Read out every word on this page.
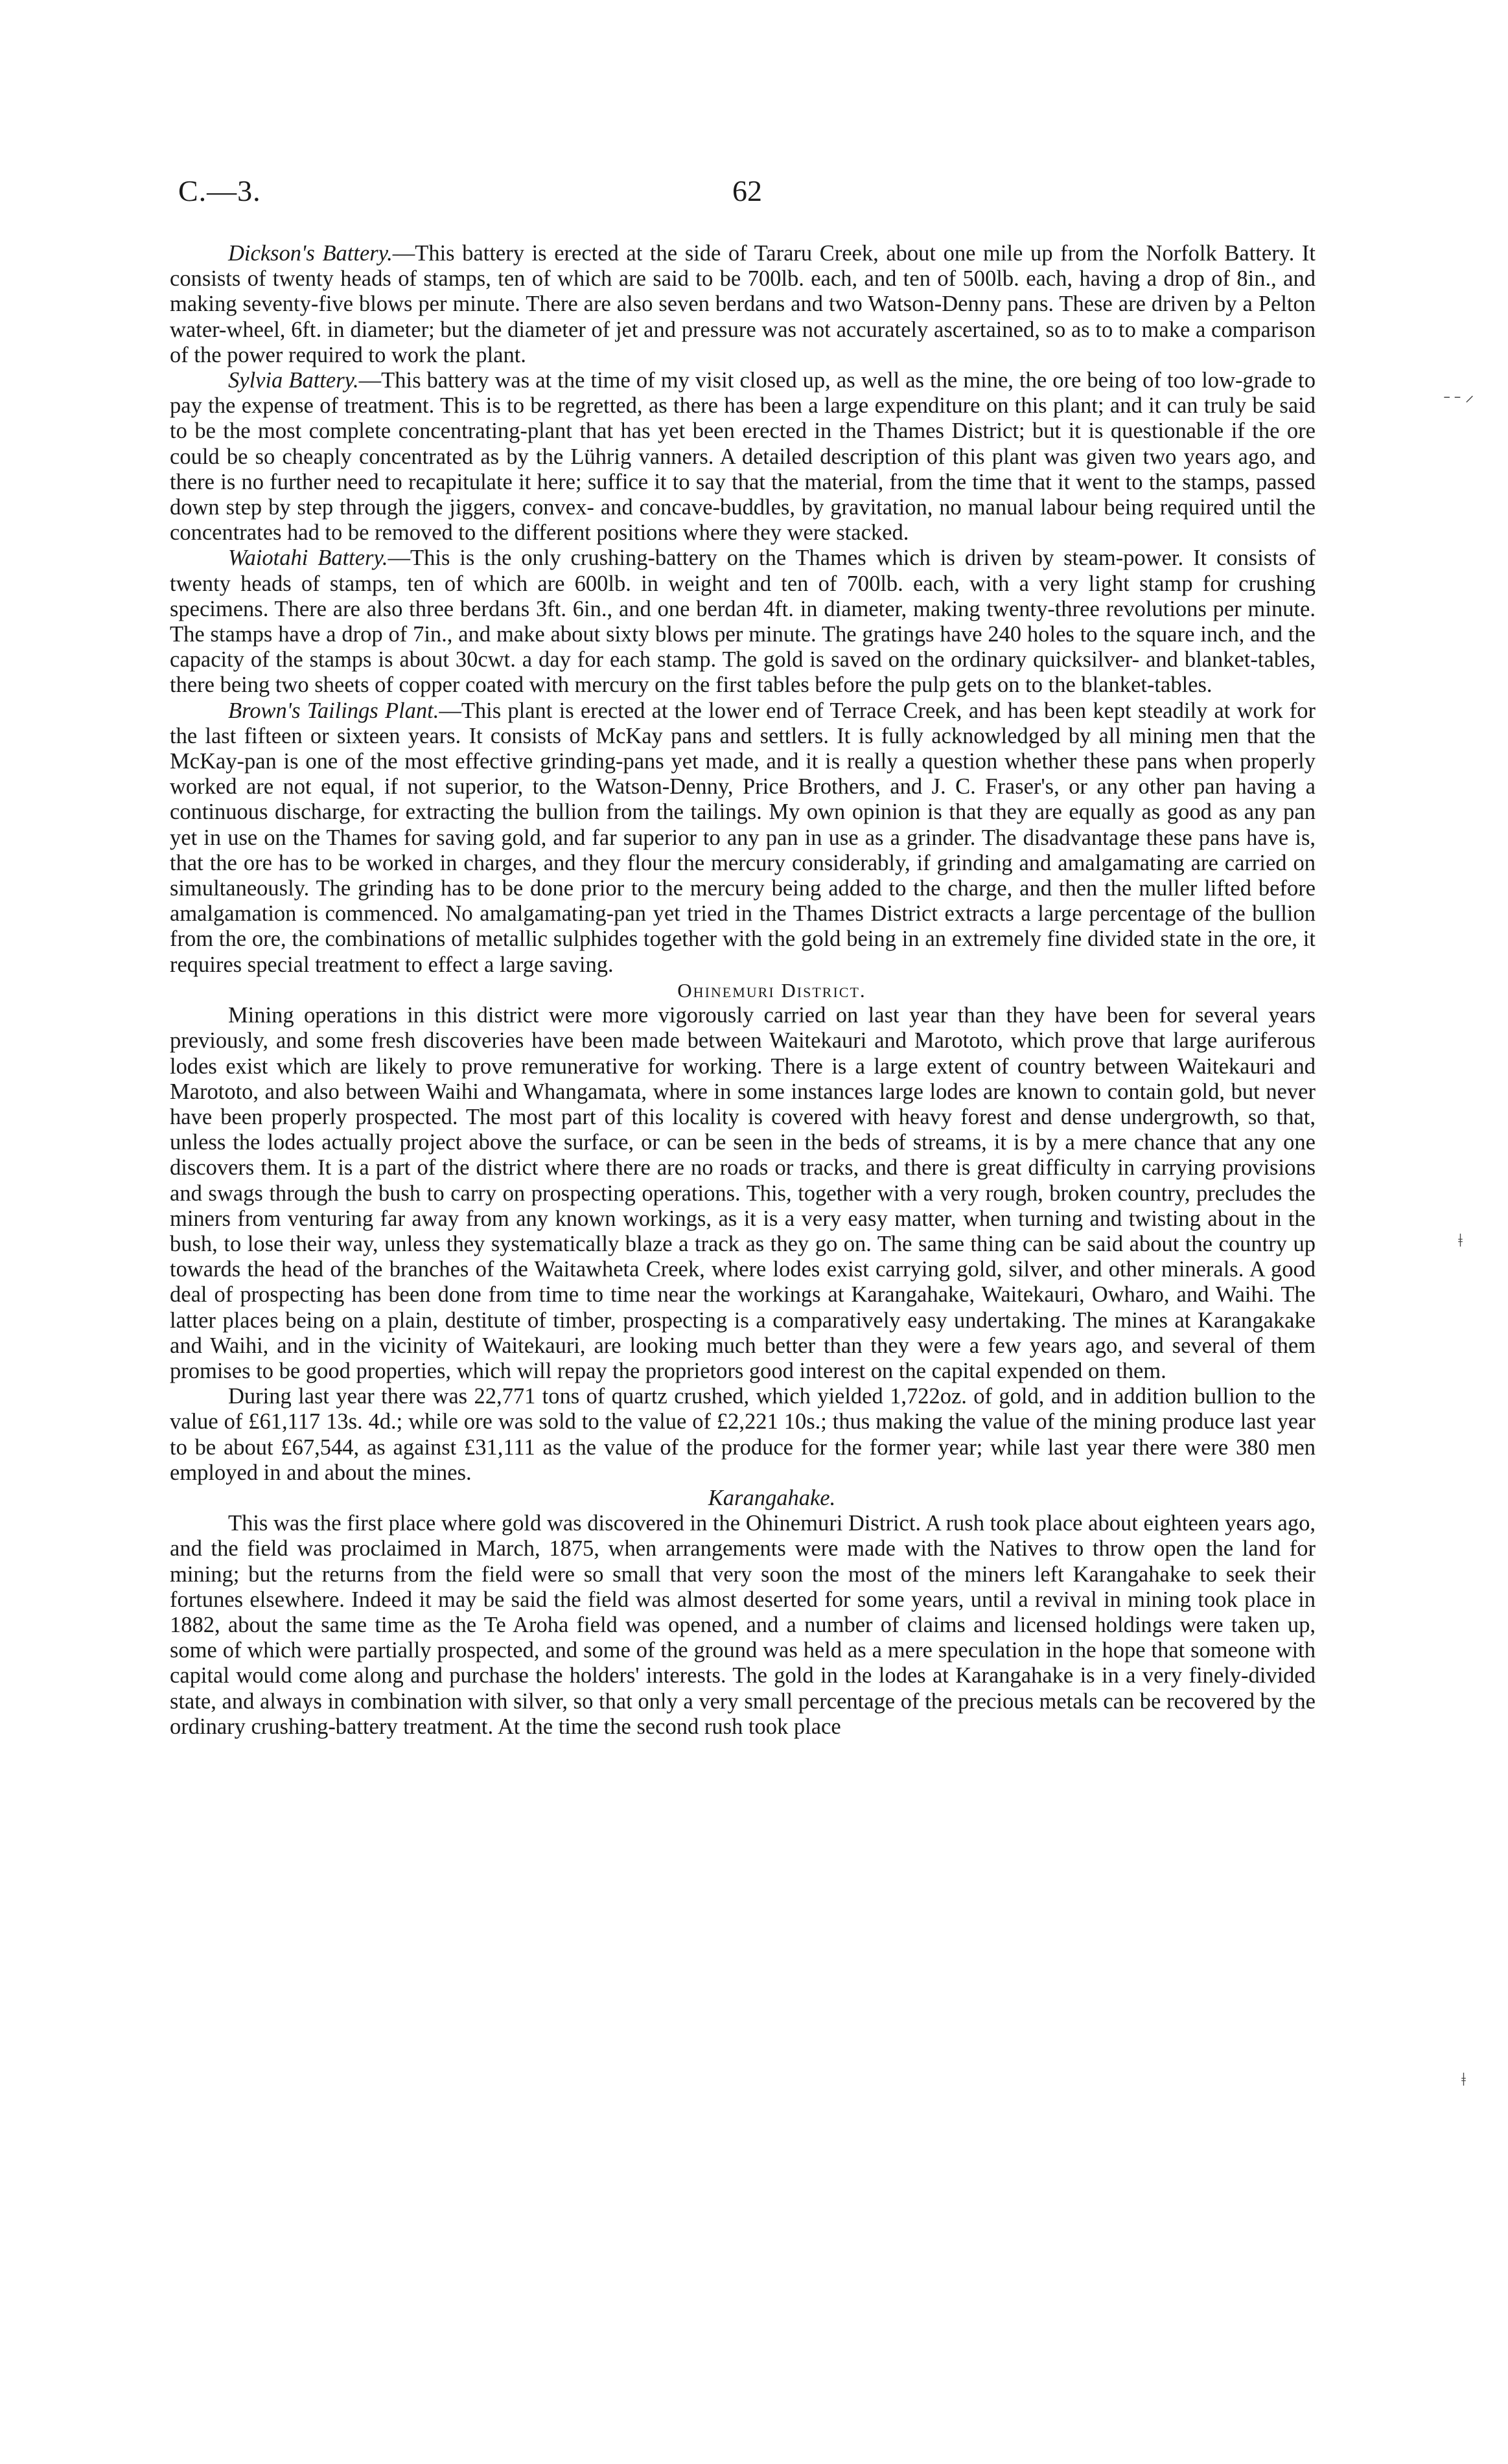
C.—3.	62

Dickson's Battery.—This battery is erected at the side of Tararu Creek, about one mile up from the Norfolk Battery. It consists of twenty heads of stamps, ten of which are said to be 700lb. each, and ten of 500lb. each, having a drop of 8in., and making seventy-five blows per minute. There are also seven berdans and two Watson-Denny pans. These are driven by a Pelton water-wheel, 6ft. in diameter; but the diameter of jet and pressure was not accurately ascertained, so as to to make a comparison of the power required to work the plant.

Sylvia Battery.—This battery was at the time of my visit closed up, as well as the mine, the ore being of too low-grade to pay the expense of treatment. This is to be regretted, as there has been a large expenditure on this plant; and it can truly be said to be the most complete concentrating-plant that has yet been erected in the Thames District; but it is questionable if the ore could be so cheaply concentrated as by the Lührig vanners. A detailed description of this plant was given two years ago, and there is no further need to recapitulate it here; suffice it to say that the material, from the time that it went to the stamps, passed down step by step through the jiggers, convex- and concave-buddles, by gravitation, no manual labour being required until the concentrates had to be removed to the different positions where they were stacked.

Waiotahi Battery.—This is the only crushing-battery on the Thames which is driven by steam-power. It consists of twenty heads of stamps, ten of which are 600lb. in weight and ten of 700lb. each, with a very light stamp for crushing specimens. There are also three berdans 3ft. 6in., and one berdan 4ft. in diameter, making twenty-three revolutions per minute. The stamps have a drop of 7in., and make about sixty blows per minute. The gratings have 240 holes to the square inch, and the capacity of the stamps is about 30cwt. a day for each stamp. The gold is saved on the ordinary quicksilver- and blanket-tables, there being two sheets of copper coated with mercury on the first tables before the pulp gets on to the blanket-tables.

Brown's Tailings Plant.—This plant is erected at the lower end of Terrace Creek, and has been kept steadily at work for the last fifteen or sixteen years. It consists of McKay pans and settlers. It is fully acknowledged by all mining men that the McKay-pan is one of the most effective grinding-pans yet made, and it is really a question whether these pans when properly worked are not equal, if not superior, to the Watson-Denny, Price Brothers, and J. C. Fraser's, or any other pan having a continuous discharge, for extracting the bullion from the tailings. My own opinion is that they are equally as good as any pan yet in use on the Thames for saving gold, and far superior to any pan in use as a grinder. The disadvantage these pans have is, that the ore has to be worked in charges, and they flour the mercury considerably, if grinding and amalgamating are carried on simultaneously. The grinding has to be done prior to the mercury being added to the charge, and then the muller lifted before amalgamation is commenced. No amalgamating-pan yet tried in the Thames District extracts a large percentage of the bullion from the ore, the combinations of metallic sulphides together with the gold being in an extremely fine divided state in the ore, it requires special treatment to effect a large saving.

Ohinemuri District.

Mining operations in this district were more vigorously carried on last year than they have been for several years previously, and some fresh discoveries have been made between Waitekauri and Marototo, which prove that large auriferous lodes exist which are likely to prove remunerative for working. There is a large extent of country between Waitekauri and Marototo, and also between Waihi and Whangamata, where in some instances large lodes are known to contain gold, but never have been properly prospected. The most part of this locality is covered with heavy forest and dense undergrowth, so that, unless the lodes actually project above the surface, or can be seen in the beds of streams, it is by a mere chance that any one discovers them. It is a part of the district where there are no roads or tracks, and there is great difficulty in carrying provisions and swags through the bush to carry on prospecting operations. This, together with a very rough, broken country, precludes the miners from venturing far away from any known workings, as it is a very easy matter, when turning and twisting about in the bush, to lose their way, unless they systematically blaze a track as they go on. The same thing can be said about the country up towards the head of the branches of the Waitawheta Creek, where lodes exist carrying gold, silver, and other minerals. A good deal of prospecting has been done from time to time near the workings at Karangahake, Waitekauri, Owharo, and Waihi. The latter places being on a plain, destitute of timber, prospecting is a comparatively easy undertaking. The mines at Karangakake and Waihi, and in the vicinity of Waitekauri, are looking much better than they were a few years ago, and several of them promises to be good properties, which will repay the proprietors good interest on the capital expended on them.

During last year there was 22,771 tons of quartz crushed, which yielded 1,722oz. of gold, and in addition bullion to the value of £61,117 13s. 4d.; while ore was sold to the value of £2,221 10s.; thus making the value of the mining produce last year to be about £67,544, as against £31,111 as the value of the produce for the former year; while last year there were 380 men employed in and about the mines.

Karangahake.

This was the first place where gold was discovered in the Ohinemuri District. A rush took place about eighteen years ago, and the field was proclaimed in March, 1875, when arrangements were made with the Natives to throw open the land for mining; but the returns from the field were so small that very soon the most of the miners left Karangahake to seek their fortunes elsewhere. Indeed it may be said the field was almost deserted for some years, until a revival in mining took place in 1882, about the same time as the Te Aroha field was opened, and a number of claims and licensed holdings were taken up, some of which were partially prospected, and some of the ground was held as a mere speculation in the hope that someone with capital would come along and purchase the holders' interests. The gold in the lodes at Karangahake is in a very finely-divided state, and always in combination with silver, so that only a very small percentage of the precious metals can be recovered by the ordinary crushing-battery treatment. At the time the second rush took place

˗ ˗ ⸝
ǂ
ǂ
